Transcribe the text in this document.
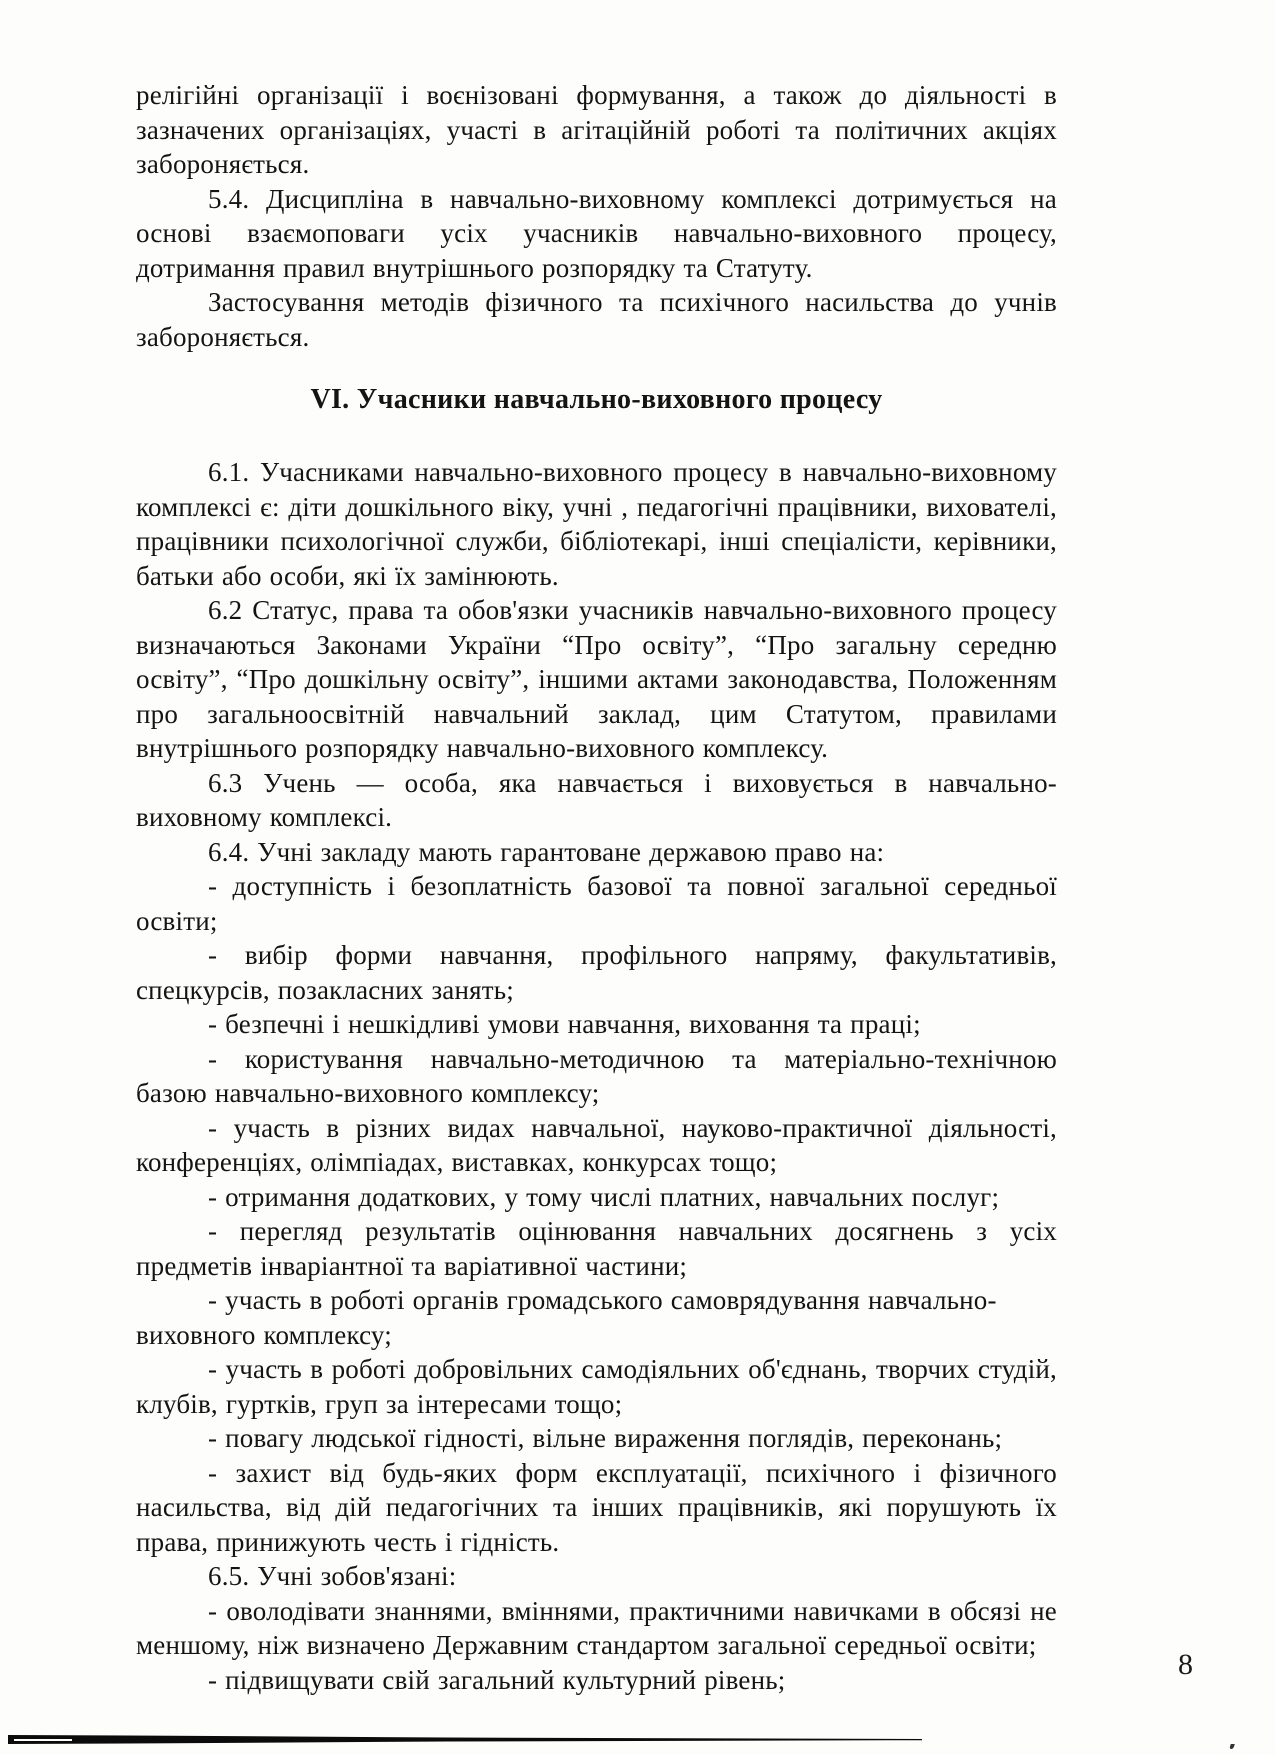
релігійні організації і воєнізовані формування, а також до діяльності в зазначених організаціях, участі в агітаційній роботі та політичних акціях забороняється.

5.4. Дисципліна в навчально-виховному комплексі дотримується на основі взаємоповаги усіх учасників навчально-виховного процесу, дотримання правил внутрішнього розпорядку та Статуту.

Застосування методів фізичного та психічного насильства до учнів забороняється.

VI. Учасники навчально-виховного процесу

6.1. Учасниками навчально-виховного процесу в навчально-виховному комплексі є: діти дошкільного віку, учні , педагогічні працівники, вихователі, працівники психологічної служби, бібліотекарі, інші спеціалісти, керівники, батьки або особи, які їх замінюють.

6.2 Статус, права та обов'язки учасників навчально-виховного процесу визначаються Законами України “Про освіту”, “Про загальну середню освіту”, “Про дошкільну освіту”, іншими актами законодавства, Положенням про загальноосвітній навчальний заклад, цим Статутом, правилами внутрішнього розпорядку навчально-виховного комплексу.

6.3 Учень — особа, яка навчається і виховується в навчально-виховному комплексі.

6.4. Учні закладу мають гарантоване державою право на:

- доступність і безоплатність базової та повної загальної середньої освіти;

- вибір форми навчання, профільного напряму, факультативів, спецкурсів, позакласних занять;

- безпечні і нешкідливі умови навчання, виховання та праці;

- користування навчально-методичною та матеріально-технічною базою навчально-виховного комплексу;

- участь в різних видах навчальної, науково-практичної діяльності, конференціях, олімпіадах, виставках, конкурсах тощо;

- отримання додаткових, у тому числі платних, навчальних послуг;

- перегляд результатів оцінювання навчальних досягнень з усіх предметів інваріантної та варіативної частини;

- участь в роботі органів громадського самоврядування навчально-
виховного комплексу;

- участь в роботі добровільних самодіяльних об'єднань, творчих студій, клубів, гуртків, груп за інтересами тощо;

- повагу людської гідності, вільне вираження поглядів, переконань;

- захист від будь-яких форм експлуатації, психічного і фізичного насильства, від дій педагогічних та інших працівників, які порушують їх права, принижують честь і гідність.

6.5. Учні зобов'язані:

- оволодівати знаннями, вміннями, практичними навичками в обсязі не меншому, ніж визначено Державним стандартом загальної середньої освіти;

- підвищувати свій загальний культурний рівень;	8
